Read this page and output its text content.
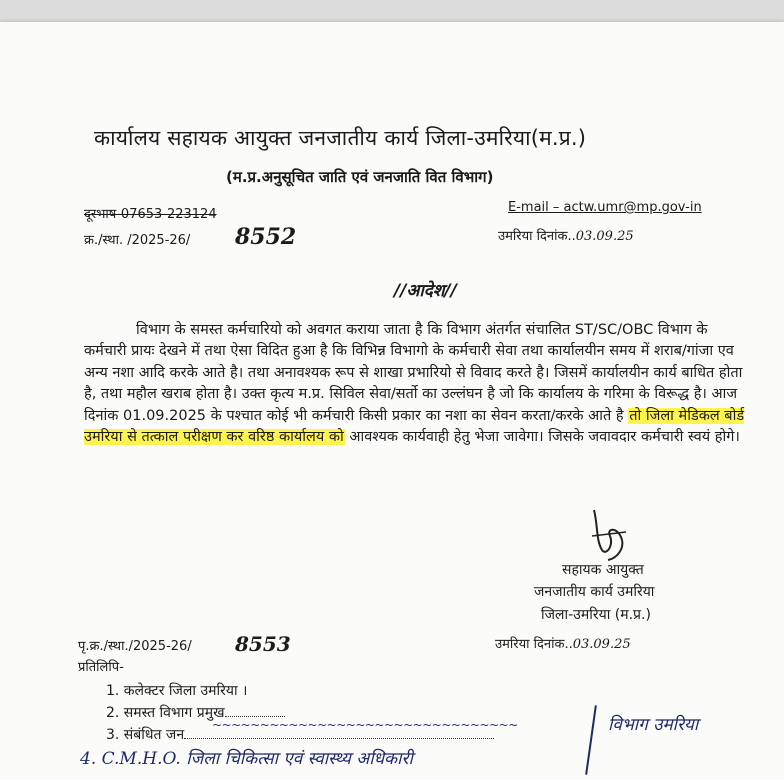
कार्यालय सहायक आयुक्त जनजातीय कार्य जिला-उमरिया(म.प्र.)
(म.प्र.अनुसूचित जाति एवं जनजाति वित विभाग)
दूरभाष-07653-223124	E-mail – actw.umr@mp.gov-in
क्र./स्था. /2025-26/ 8552	उमरिया दिनांक..03.09.25
//आदेश//
विभाग के समस्त कर्मचारियो को अवगत कराया जाता है कि विभाग अंतर्गत संचालित ST/SC/OBC विभाग के कर्मचारी प्रायः देखने में तथा ऐसा विदित हुआ है कि विभिन्न विभागो के कर्मचारी सेवा तथा कार्यालयीन समय में शराब/गांजा एव अन्य नशा आदि करके आते है। तथा अनावश्यक रूप से शाखा प्रभारियो से विवाद करते है। जिसमें कार्यालयीन कार्य बाधित होता है, तथा महौल खराब होता है। उक्त कृत्य म.प्र. सिविल सेवा/सर्तो का उल्लंघन है जो कि कार्यालय के गरिमा के विरूद्ध है। आज दिनांक 01.09.2025 के पश्चात कोई भी कर्मचारी किसी प्रकार का नशा का सेवन करता/करके आते है तो जिला मेडिकल बोर्ड उमरिया से तत्काल परीक्षण कर वरिष्ठ कार्यालय को आवश्यक कार्यवाही हेतु भेजा जावेगा। जिसके जवावदार कर्मचारी स्वयं होगे।
सहायक आयुक्त
जनजातीय कार्य उमरिया
जिला-उमरिया (म.प्र.)
पृ.क्र./स्था./2025-26/ 8553	उमरिया दिनांक..03.09.25
प्रतिलिपि-
1. कलेक्टर जिला उमरिया ।
2. समस्त विभाग प्रमुख
3. संबंधित जन
~~~~~~~~~~~~~~~~~~~~~~~~~~~~~~~~	विभाग उमरिया
4. C.M.H.O. जिला चिकित्सा एवं स्वास्थ्य अधिकारी
